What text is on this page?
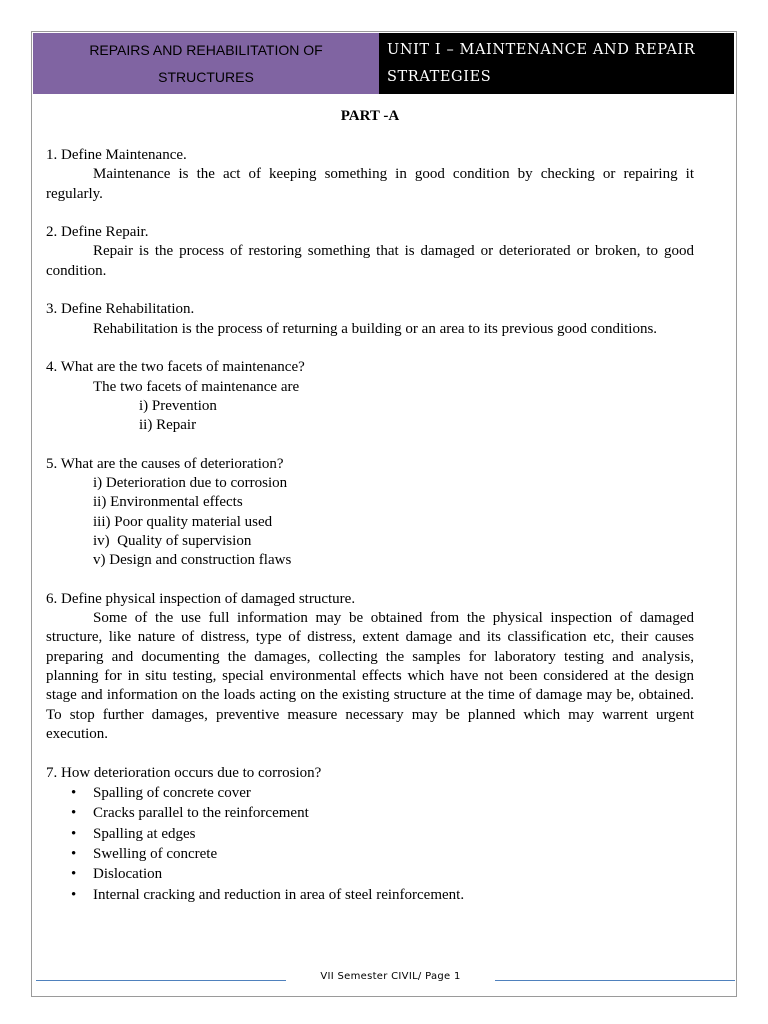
REPAIRS AND REHABILITATION OF
STRUCTURES
UNIT I – MAINTENANCE AND REPAIR
STRATEGIES

PART -A

1. Define Maintenance.

Maintenance is the act of keeping something in good condition by checking or repairing it regularly.

2. Define Repair.

Repair is the process of restoring something that is damaged or deteriorated or broken, to good condition.

3. Define Rehabilitation.

Rehabilitation is the process of returning a building or an area to its previous good conditions.

4. What are the two facets of maintenance?

The two facets of maintenance are

i) Prevention

ii) Repair

5. What are the causes of deterioration?

i) Deterioration due to corrosion

ii) Environmental effects

iii) Poor quality material used

iv)  Quality of supervision

v) Design and construction flaws

6. Define physical inspection of damaged structure.

Some of the use full information may be obtained from the physical inspection of damaged structure, like nature of distress, type of distress, extent damage and its classification etc, their causes preparing and documenting the damages, collecting the samples for laboratory testing and analysis, planning for in situ testing, special environmental effects which have not been considered at the design stage and information on the loads acting on the existing structure at the time of damage may be, obtained. To stop further damages, preventive measure necessary may be planned which may warrent urgent execution.

7. How deterioration occurs due to corrosion?

• Spalling of concrete cover
• Cracks parallel to the reinforcement
• Spalling at edges
• Swelling of concrete
• Dislocation
• Internal cracking and reduction in area of steel reinforcement.
VII Semester CIVIL/ Page 1
